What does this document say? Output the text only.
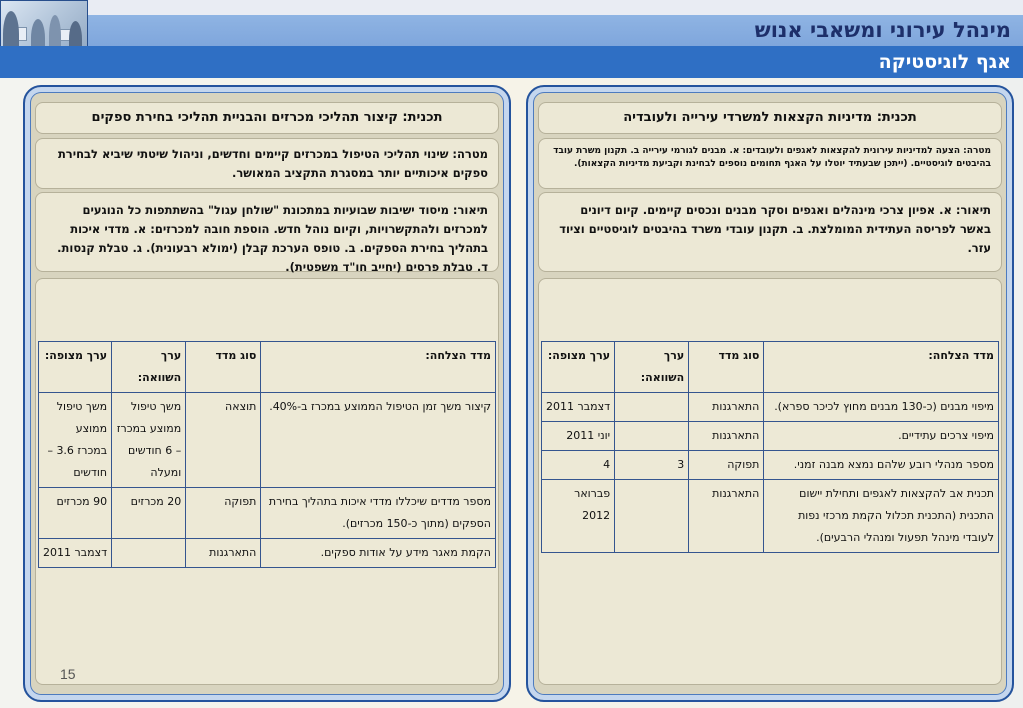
מינהל עירוני ומשאבי אנוש
אגף לוגיסטיקה
תכנית: מדיניות הקצאות למשרדי עירייה ולעובדיה
מטרה: הצעה למדיניות עירונית להקצאות לאגפים ולעובדים: א. מבנים לגורמי עירייה ב. תקנון משרת עובד בהיבטים לוגיסטיים. (ייתכן שבעתיד יוטלו על האגף תחומים נוספים לבחינת וקביעת מדיניות הקצאות).
תיאור: א. אפיון צרכי מינהלים ואגפים וסקר מבנים ונכסים קיימים. קיום דיונים באשר לפריסה העתידית המומלצת. ב. תקנון עובדי משרד בהיבטים לוגיסטיים וציוד עזר.
מדד הצלחה:	סוג מדד	ערך השוואה:	ערך מצופה:
מיפוי מבנים (כ-130 מבנים מחוץ לכיכר ספרא).	התארגנות		דצמבר 2011
מיפוי צרכים עתידיים.	התארגנות		יוני 2011
מספר מנהלי רובע שלהם נמצא מבנה זמני.	תפוקה	3	4
תכנית אב להקצאות לאגפים ותחילת יישום התכנית (התכנית תכלול הקמת מרכזי נפות לעובדי מינהל תפעול ומנהלי הרבעים).	התארגנות		פברואר 2012
תכנית: קיצור תהליכי מכרזים והבניית תהליכי בחירת ספקים
מטרה: שינוי תהליכי הטיפול במכרזים קיימים וחדשים, וניהול שיטתי שיביא לבחירת ספקים איכותיים יותר במסגרת התקציב המאושר.
תיאור: מיסוד ישיבות שבועיות במתכונת "שולחן עגול" בהשתתפות כל הנוגעים למכרזים ולהתקשרויות, וקיום נוהל חדש. הוספת חובה למכרזים: א. מדדי איכות בתהליך בחירת הספקים. ב. טופס הערכת קבלן (ימולא רבעונית). ג. טבלת קנסות. ד. טבלת פרסים (יחייב חו"ד משפטית).
מדד הצלחה:	סוג מדד	ערך השוואה:	ערך מצופה:
קיצור משך זמן הטיפול הממוצע במכרז ב-40%.	תוצאה	משך טיפול ממוצע במכרז – 6 חודשים ומעלה	משך טיפול ממוצע במכרז 3.6 – חודשים
מספר מדדים שיכללו מדדי איכות בתהליך בחירת הספקים (מתוך כ-150 מכרזים).	תפוקה	20 מכרזים	90 מכרזים
הקמת מאגר מידע על אודות ספקים.	התארגנות		דצמבר 2011
15
